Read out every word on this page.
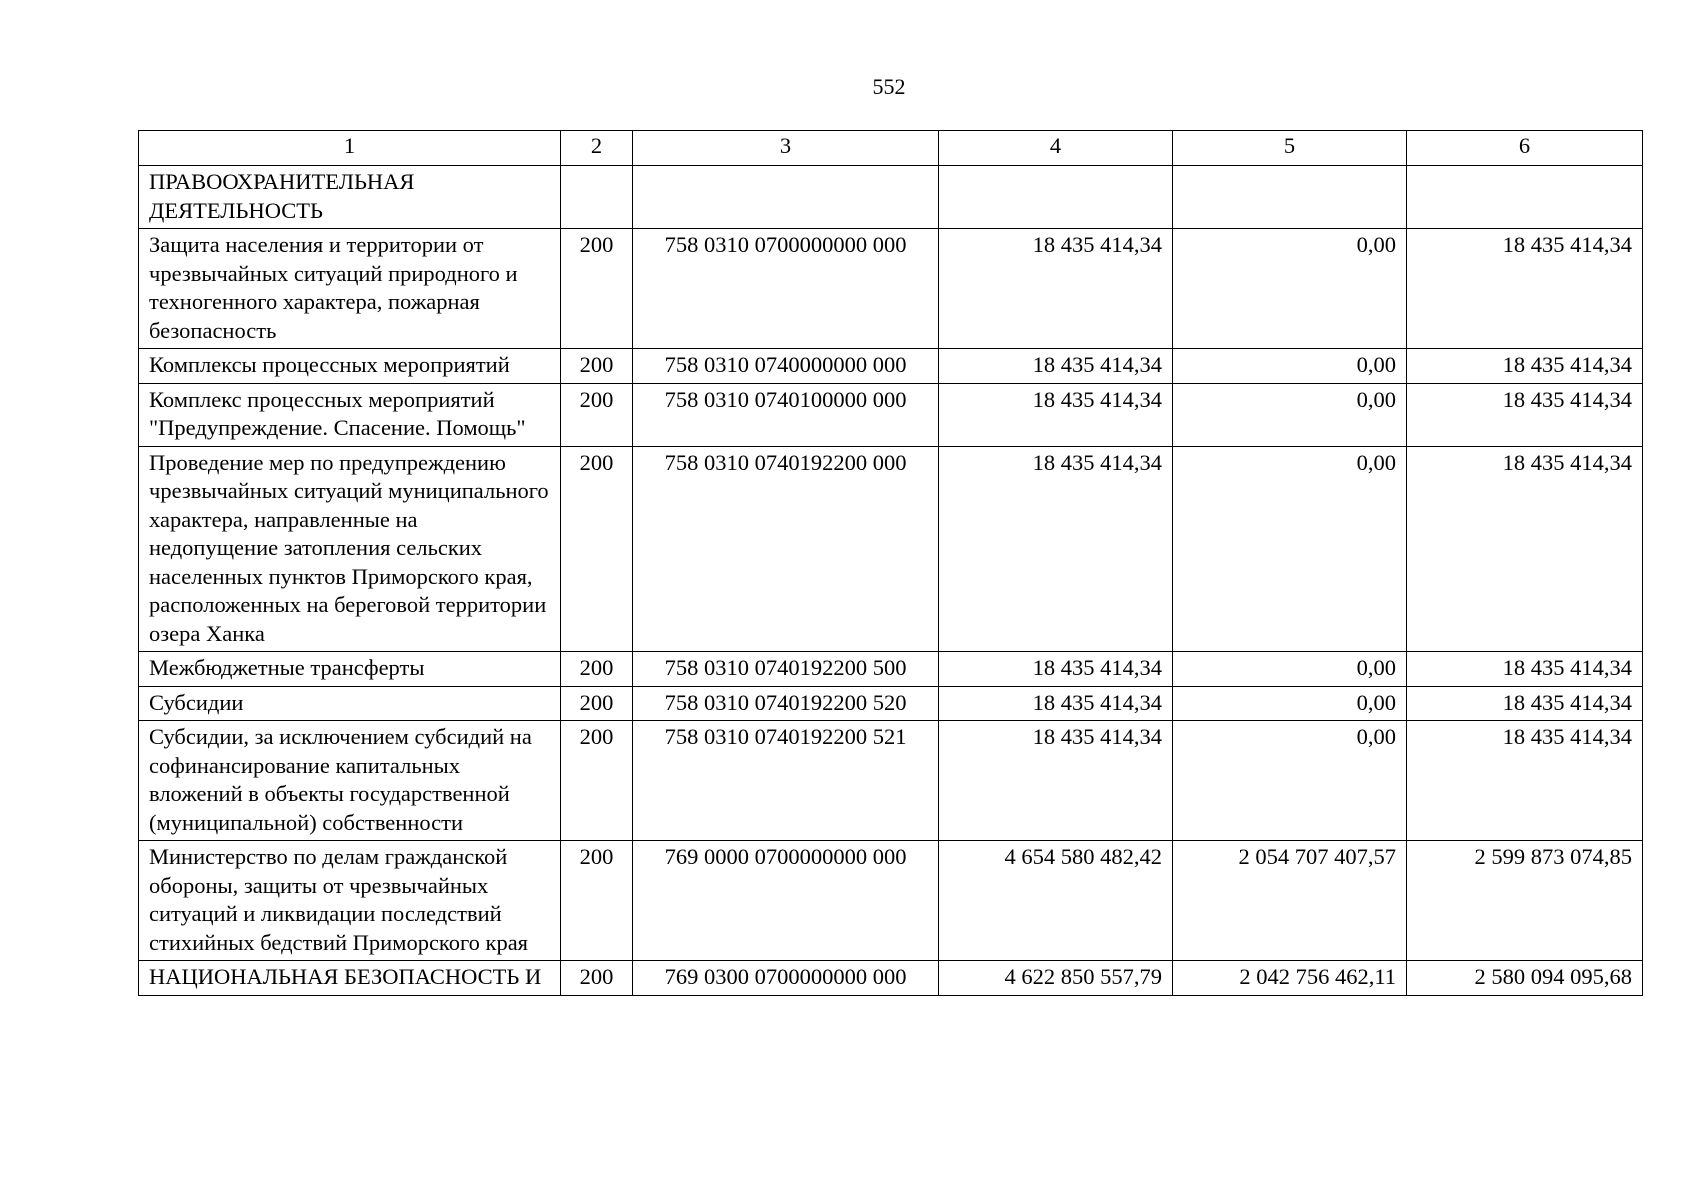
552
1	2	3	4	5	6
ПРАВООХРАНИТЕЛЬНАЯ ДЕЯТЕЛЬНОСТЬ					
Защита населения и территории от чрезвычайных ситуаций природного и техногенного характера, пожарная безопасность	200	758 0310 0700000000 000	18 435 414,34	0,00	18 435 414,34
Комплексы процессных мероприятий	200	758 0310 0740000000 000	18 435 414,34	0,00	18 435 414,34
Комплекс процессных мероприятий "Предупреждение. Спасение. Помощь"	200	758 0310 0740100000 000	18 435 414,34	0,00	18 435 414,34
Проведение мер по предупреждению чрезвычайных ситуаций муниципального характера, направленные на недопущение затопления сельских населенных пунктов Приморского края, расположенных на береговой территории озера Ханка	200	758 0310 0740192200 000	18 435 414,34	0,00	18 435 414,34
Межбюджетные трансферты	200	758 0310 0740192200 500	18 435 414,34	0,00	18 435 414,34
Субсидии	200	758 0310 0740192200 520	18 435 414,34	0,00	18 435 414,34
Субсидии, за исключением субсидий на софинансирование капитальных вложений в объекты государственной (муниципальной) собственности	200	758 0310 0740192200 521	18 435 414,34	0,00	18 435 414,34
Министерство по делам гражданской обороны, защиты от чрезвычайных ситуаций и ликвидации последствий стихийных бедствий Приморского края	200	769 0000 0700000000 000	4 654 580 482,42	2 054 707 407,57	2 599 873 074,85
НАЦИОНАЛЬНАЯ БЕЗОПАСНОСТЬ И	200	769 0300 0700000000 000	4 622 850 557,79	2 042 756 462,11	2 580 094 095,68
